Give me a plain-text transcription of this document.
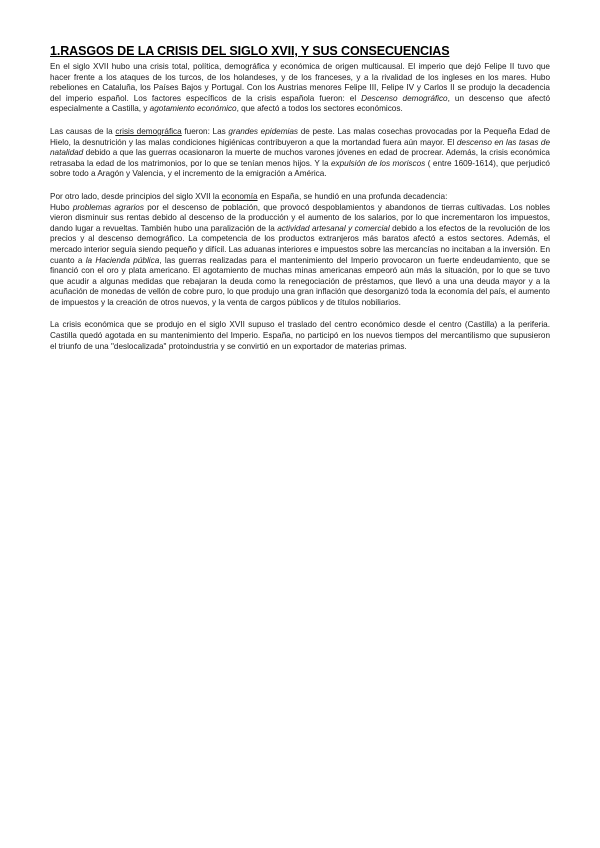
1.RASGOS DE LA CRISIS DEL SIGLO XVII, Y SUS CONSECUENCIAS

En el siglo XVII hubo una crisis total, política, demográfica y económica de origen multicausal. El imperio que dejó Felipe II tuvo que hacer frente a los ataques de los turcos, de los holandeses, y de los franceses, y a la rivalidad de los ingleses en los mares. Hubo rebeliones en Cataluña, los Países Bajos y Portugal. Con los Austrias menores Felipe III, Felipe IV y Carlos II se produjo la decadencia del imperio español. Los factores específicos de la crisis española fueron: el Descenso demográfico, un descenso que afectó especialmente a Castilla, y agotamiento económico, que afectó a todos los sectores económicos.

Las causas de la crisis demográfica fueron: Las grandes epidemias de peste. Las malas cosechas provocadas por la Pequeña Edad de Hielo, la desnutrición y las malas condiciones higiénicas contribuyeron a que la mortandad fuera aún mayor. El descenso en las tasas de natalidad debido a que las guerras ocasionaron la muerte de muchos varones jóvenes en edad de procrear. Además, la crisis económica retrasaba la edad de los matrimonios, por lo que se tenían menos hijos. Y la expulsión de los moriscos ( entre 1609-1614), que perjudicó sobre todo a Aragón y Valencia, y el incremento de la emigración a América.

Por otro lado, desde principios del siglo XVII la economía en España, se hundió en una profunda decadencia:

Hubo problemas agrarios por el descenso de población, que provocó despoblamientos y abandonos de tierras cultivadas. Los nobles vieron disminuir sus rentas debido al descenso de la producción y el aumento de los salarios, por lo que incrementaron los impuestos, dando lugar a revueltas. También hubo una paralización de la actividad artesanal y comercial debido a los efectos de la revolución de los precios y al descenso demográfico. La competencia de los productos extranjeros más baratos afectó a estos sectores. Además, el mercado interior seguía siendo pequeño y difícil. Las aduanas interiores e impuestos sobre las mercancías no incitaban a la inversión. En cuanto a la Hacienda pública, las guerras realizadas para el mantenimiento del Imperio provocaron un fuerte endeudamiento, que se financió con el oro y plata americano. El agotamiento de muchas minas americanas empeoró aún más la situación, por lo que se tuvo que acudir a algunas medidas que rebajaran la deuda como la renegociación de préstamos, que llevó a una una deuda mayor y a la acuñación de monedas de vellón de cobre puro, lo que produjo una gran inflación que desorganizó toda la economía del país, el aumento de impuestos y la creación de otros nuevos, y la venta de cargos públicos y de títulos nobiliarios.

La crisis económica que se produjo en el siglo XVII supuso el traslado del centro económico desde el centro (Castilla) a la periferia. Castilla quedó agotada en su mantenimiento del Imperio. España, no participó en los nuevos tiempos del mercantilismo que supusieron el triunfo de una "deslocalizada" protoindustria y se convirtió en un exportador de materias primas.
